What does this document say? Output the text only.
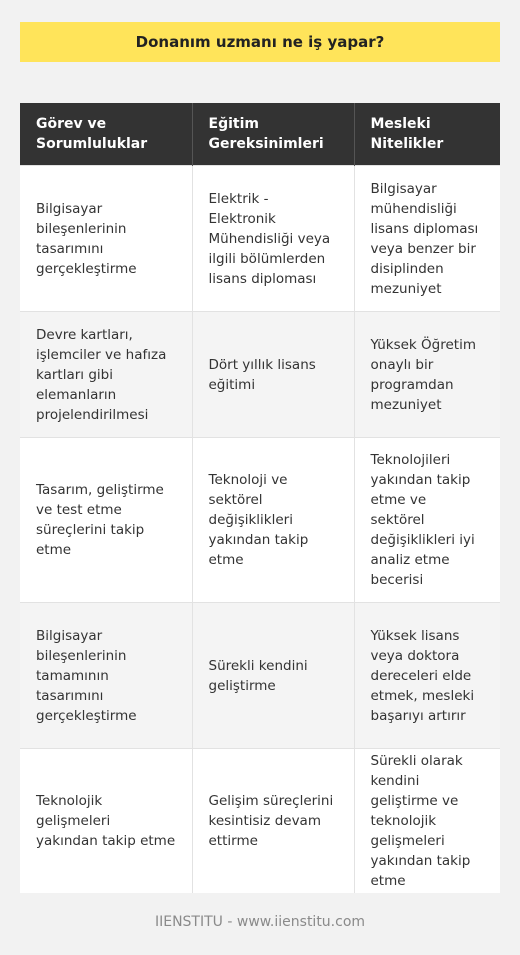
Donanım uzmanı ne iş yapar?
Görev ve Sorumluluklar	Eğitim Gereksinimleri	Mesleki Nitelikler
Bilgisayar bileşenlerinin tasarımını gerçekleştirme	Elektrik - Elektronik Mühendisliği veya ilgili bölümlerden lisans diploması	Bilgisayar mühendisliği lisans diploması veya benzer bir disiplinden mezuniyet
Devre kartları, işlemciler ve hafıza kartları gibi elemanların projelendirilmesi	Dört yıllık lisans eğitimi	Yüksek Öğretim onaylı bir programdan mezuniyet
Tasarım, geliştirme ve test etme süreçlerini takip etme	Teknoloji ve sektörel değişiklikleri yakından takip etme	Teknolojileri yakından takip etme ve sektörel değişiklikleri iyi analiz etme becerisi
Bilgisayar bileşenlerinin tamamının tasarımını gerçekleştirme	Sürekli kendini geliştirme	Yüksek lisans veya doktora dereceleri elde etmek, mesleki başarıyı artırır
Teknolojik gelişmeleri yakından takip etme	Gelişim süreçlerini kesintisiz devam ettirme	Sürekli olarak kendini geliştirme ve teknolojik gelişmeleri yakından takip etme
IIENSTITU - www.iienstitu.com
